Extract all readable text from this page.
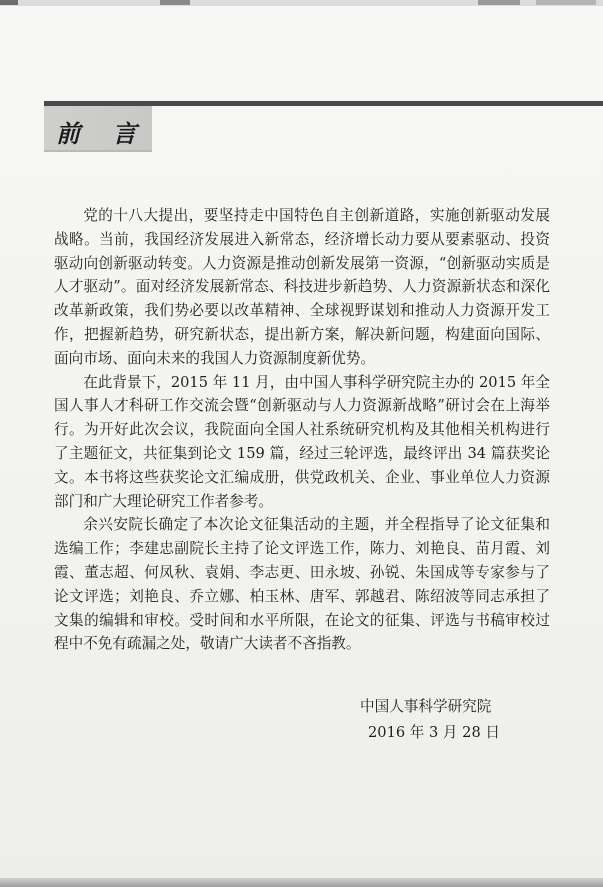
前 言

党的十八大提出，要坚持走中国特色自主创新道路，实施创新驱动发展战略。当前，我国经济发展进入新常态，经济增长动力要从要素驱动、投资驱动向创新驱动转变。人力资源是推动创新发展第一资源，“创新驱动实质是人才驱动”。面对经济发展新常态、科技进步新趋势、人力资源新状态和深化改革新政策，我们势必要以改革精神、全球视野谋划和推动人力资源开发工作，把握新趋势，研究新状态，提出新方案，解决新问题，构建面向国际、面向市场、面向未来的我国人力资源制度新优势。

在此背景下，2015 年 11 月，由中国人事科学研究院主办的 2015 年全国人事人才科研工作交流会暨“创新驱动与人力资源新战略”研讨会在上海举行。为开好此次会议，我院面向全国人社系统研究机构及其他相关机构进行了主题征文，共征集到论文 159 篇，经过三轮评选，最终评出 34 篇获奖论文。本书将这些获奖论文汇编成册，供党政机关、企业、事业单位人力资源部门和广大理论研究工作者参考。

余兴安院长确定了本次论文征集活动的主题，并全程指导了论文征集和选编工作；李建忠副院长主持了论文评选工作，陈力、刘艳良、苗月霞、刘霞、董志超、何凤秋、袁娟、李志更、田永坡、孙锐、朱国成等专家参与了论文评选；刘艳良、乔立娜、柏玉林、唐军、郭越君、陈绍波等同志承担了文集的编辑和审校。受时间和水平所限，在论文的征集、评选与书稿审校过程中不免有疏漏之处，敬请广大读者不吝指教。

中国人事科学研究院
2016 年 3 月 28 日
